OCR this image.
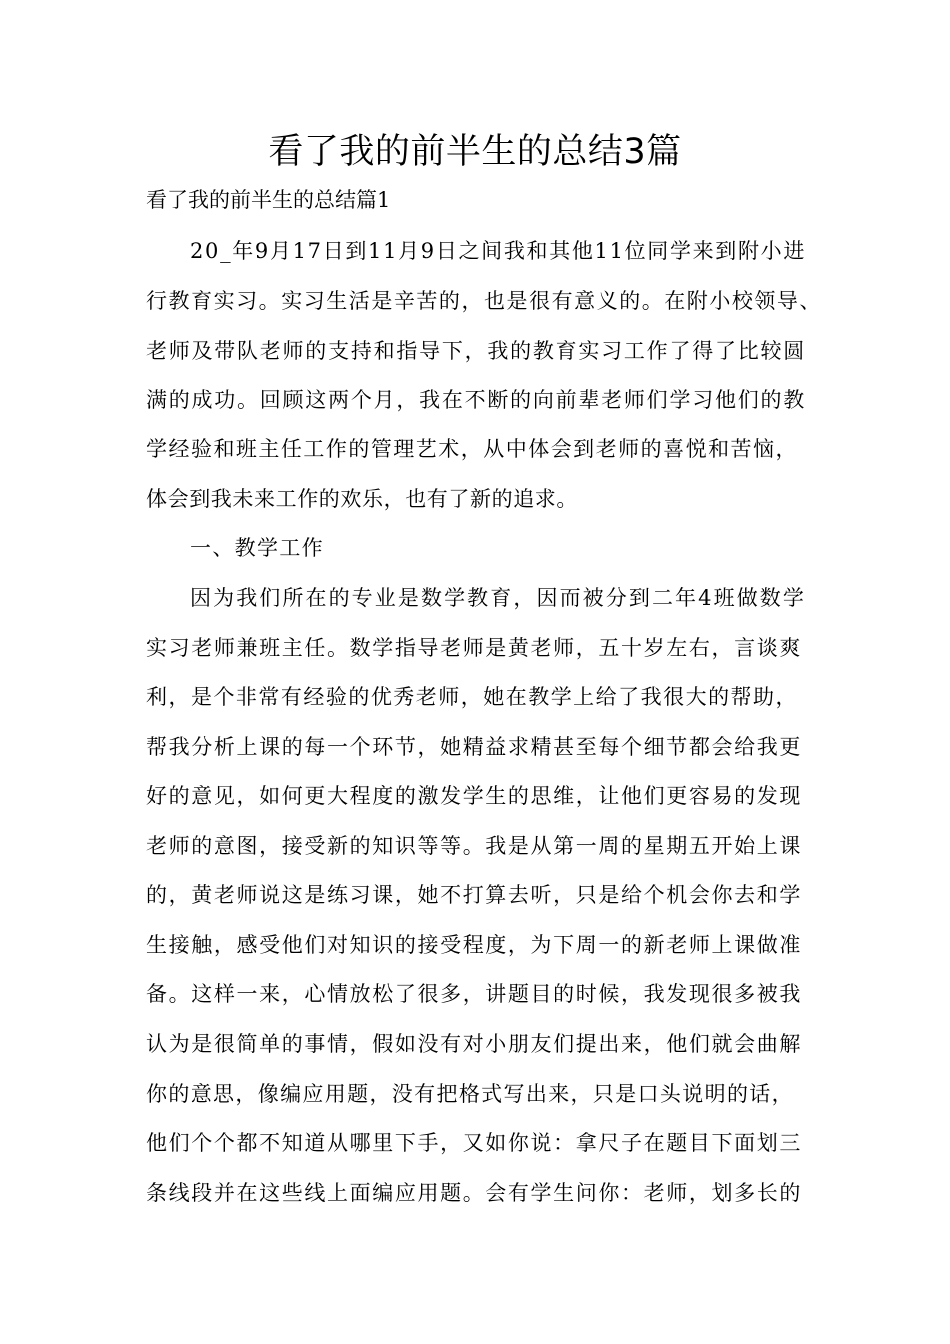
看了我的前半生的总结3篇

看了我的前半生的总结篇1

20_年9月17日到11月9日之间我和其他11位同学来到附小进

行教育实习。实习生活是辛苦的，也是很有意义的。在附小校领导、

老师及带队老师的支持和指导下，我的教育实习工作了得了比较圆

满的成功。回顾这两个月，我在不断的向前辈老师们学习他们的教

学经验和班主任工作的管理艺术，从中体会到老师的喜悦和苦恼，

体会到我未来工作的欢乐，也有了新的追求。

一、教学工作

因为我们所在的专业是数学教育，因而被分到二年4班做数学

实习老师兼班主任。数学指导老师是黄老师，五十岁左右，言谈爽

利，是个非常有经验的优秀老师，她在教学上给了我很大的帮助，

帮我分析上课的每一个环节，她精益求精甚至每个细节都会给我更

好的意见，如何更大程度的激发学生的思维，让他们更容易的发现

老师的意图，接受新的知识等等。我是从第一周的星期五开始上课

的，黄老师说这是练习课，她不打算去听，只是给个机会你去和学

生接触，感受他们对知识的接受程度，为下周一的新老师上课做准

备。这样一来，心情放松了很多，讲题目的时候，我发现很多被我

认为是很简单的事情，假如没有对小朋友们提出来，他们就会曲解

你的意思，像编应用题，没有把格式写出来，只是口头说明的话，

他们个个都不知道从哪里下手，又如你说：拿尺子在题目下面划三

条线段并在这些线上面编应用题。会有学生问你：老师，划多长的
